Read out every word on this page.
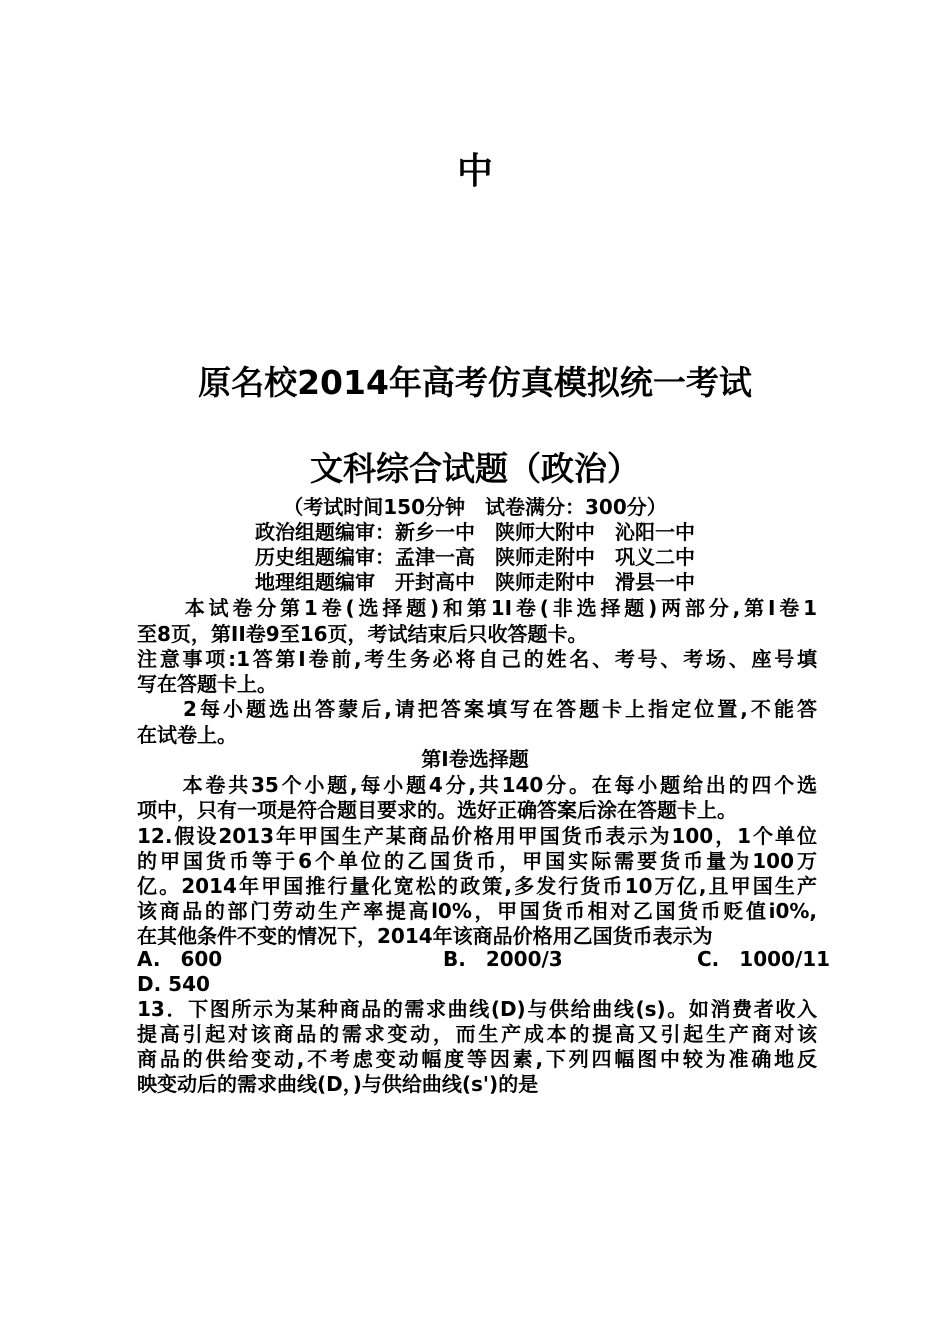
中
原名校2014年高考仿真模拟统一考试
文科综合试题（政治）
（考试时间150分钟　试卷满分：300分）
政治组题编审：新乡一中　陕师大附中　沁阳一中
历史组题编审：孟津一高　陕师走附中　巩义二中
地理组题编审　开封高中　陕师走附中　滑县一中
　　本试卷分第1卷(选择题)和第1I卷(非选择题)两部分,第Ⅰ卷1
至8页，第II卷9至16页，考试结束后只收答题卡。
注意事项:1答第Ⅰ卷前,考生务必将自己的姓名、考号、考场、座号填
写在答题卡上。
　　2每小题选出答蒙后,请把答案填写在答题卡上指定位置,不能答
在试卷上。
第Ⅰ卷选择题
　　本卷共35个小题,每小题4分,共140分。在每小题给出的四个选
项中，只有一项是符合题目要求的。选好正确答案后涂在答题卡上。
12.假设2013年甲国生产某商品价格用甲国货币表示为100，1个单位
的甲国货币等于6个单位的乙国货币，甲国实际需要货币量为100万
亿。2014年甲国推行量化宽松的政策,多发行货币10万亿,且甲国生产
该商品的部门劳动生产率提高l0%，甲国货币相对乙国货币贬值i0%,
在其他条件不变的情况下，2014年该商品价格用乙国货币表示为
A.　600	B.　2000/3	C.　1000/11
D. 540
13．下图所示为某种商品的需求曲线(D)与供给曲线(s)。如消费者收入
提高引起对该商品的需求变动，而生产成本的提高又引起生产商对该
商品的供给变动,不考虑变动幅度等因素,下列四幅图中较为准确地反
映变动后的需求曲线(D，)与供给曲线(s')的是
